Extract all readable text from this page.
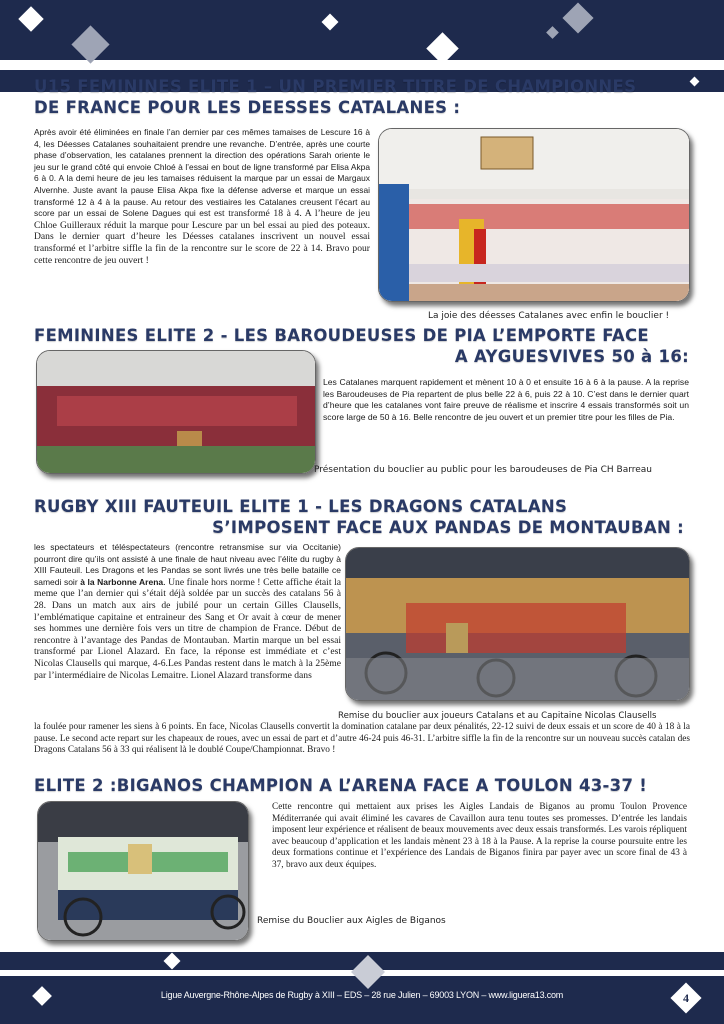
U15 FEMININES ELITE 1 – UN PREMIER TITRE DE CHAMPIONNES
DE FRANCE POUR LES DEESSES CATALANES :
Après avoir été éliminées en finale l’an dernier par ces mêmes tamaises de Lescure 16 à 4, les Déesses Catalanes souhaitaient prendre une revanche. D’entrée, après une courte phase d’observation, les catalanes prennent la direction des opérations Sarah oriente le jeu sur le grand côté qui envoie Chloé à l’essai en bout de ligne transformé par Elisa Akpa 6 à 0. A la demi heure de jeu les tamaises réduisent la marque par un essai de Margaux Alvernhe. Juste avant la pause Elisa Akpa fixe la défense adverse et marque un essai transformé 12 à 4 à la pause. Au retour des vestiaires les Catalanes creusent l’écart au score par un essai de Solene Dagues qui est est transformé 18 à 4. A l’heure de jeu Chloe Guilleraux réduit la marque pour Lescure par un bel essai au pied des poteaux. Dans le dernier quart d’heure les Déesses catalanes inscrivent un nouvel essai transformé et l’arbitre siffle la fin de la rencontre sur le score de 22 à 14. Bravo pour cette rencontre de jeu ouvert !
La joie des déesses Catalanes avec enfin le bouclier !
FEMININES ELITE 2 - LES BAROUDEUSES DE PIA L’EMPORTE FACE

A AYGUESVIVES 50 à 16:
Les Catalanes marquent rapidement et mènent 10 à 0 et ensuite 16 à 6 à la pause. A la reprise les Baroudeuses de Pia repartent de plus belle 22 à 6, puis 22 à 10. C’est dans le dernier quart d’heure que les catalanes vont faire preuve de réalisme et inscrire 4 essais transformés soit un score large de 50 à 16. Belle rencontre de jeu ouvert et un premier titre pour les filles de Pia.
Présentation du bouclier au public pour les baroudeuses de Pia CH Barreau
RUGBY XIII FAUTEUIL ELITE 1 - LES DRAGONS CATALANS

S’IMPOSENT FACE AUX PANDAS DE MONTAUBAN :
les spectateurs et téléspectateurs (rencontre retransmise sur via Occitanie) pourront dire qu’ils ont assisté à une finale de haut niveau avec l’élite du rugby à XIII Fauteuil. Les Dragons et les Pandas se sont livrés une très belle bataille ce samedi soir à la Narbonne Arena. Une finale hors norme ! Cette affiche était la meme que l’an dernier qui s’était déjà soldée par un succès des catalans 56 à 28. Dans un match aux airs de jubilé pour un certain Gilles Clausells, l’emblématique capitaine et entraineur des Sang et Or avait à cœur de mener ses hommes une dernière fois vers un titre de champion de France. Début de rencontre à l’avantage des Pandas de Montauban. Martin marque un bel essai transformé par Lionel Alazard. En face, la réponse est immédiate et c’est Nicolas Clausells qui marque, 4-6.Les Pandas restent dans le match à la 25ème par l’intermédiaire de Nicolas Lemaitre. Lionel Alazard transforme dans
Remise du bouclier aux joueurs Catalans et au Capitaine Nicolas Clausells
la foulée pour ramener les siens à 6 points. En face, Nicolas Clausells convertit la domination catalane par deux pénalités, 22-12 suivi de deux essais et un score de 40 à 18 à la pause. Le second acte repart sur les chapeaux de roues, avec un essai de part et d’autre 46-24 puis 46-31. L’arbitre siffle la fin de la rencontre sur un nouveau succès catalan des Dragons Catalans 56 à 33 qui réalisent là le doublé Coupe/Championnat. Bravo !
ELITE 2 :BIGANOS CHAMPION A L’ARENA FACE A TOULON 43-37 !
Cette rencontre qui mettaient aux prises les Aigles Landais de Biganos au promu Toulon Provence Méditerranée qui avait éliminé les cavares de Cavaillon aura tenu toutes ses promesses. D’entrée les landais imposent leur expérience et réalisent de beaux mouvements avec deux essais transformés. Les varois répliquent avec beaucoup d’application et les landais mènent 23 à 18 à la Pause. A la reprise la course poursuite entre les deux formations continue et l’expérience des Landais de Biganos finira par payer avec un score final de 43 à 37, bravo aux deux équipes.
Remise du Bouclier aux Aigles de Biganos
Ligue Auvergne-Rhône-Alpes de Rugby à XIII – EDS – 28 rue Julien – 69003 LYON – www.liguera13.com	4
